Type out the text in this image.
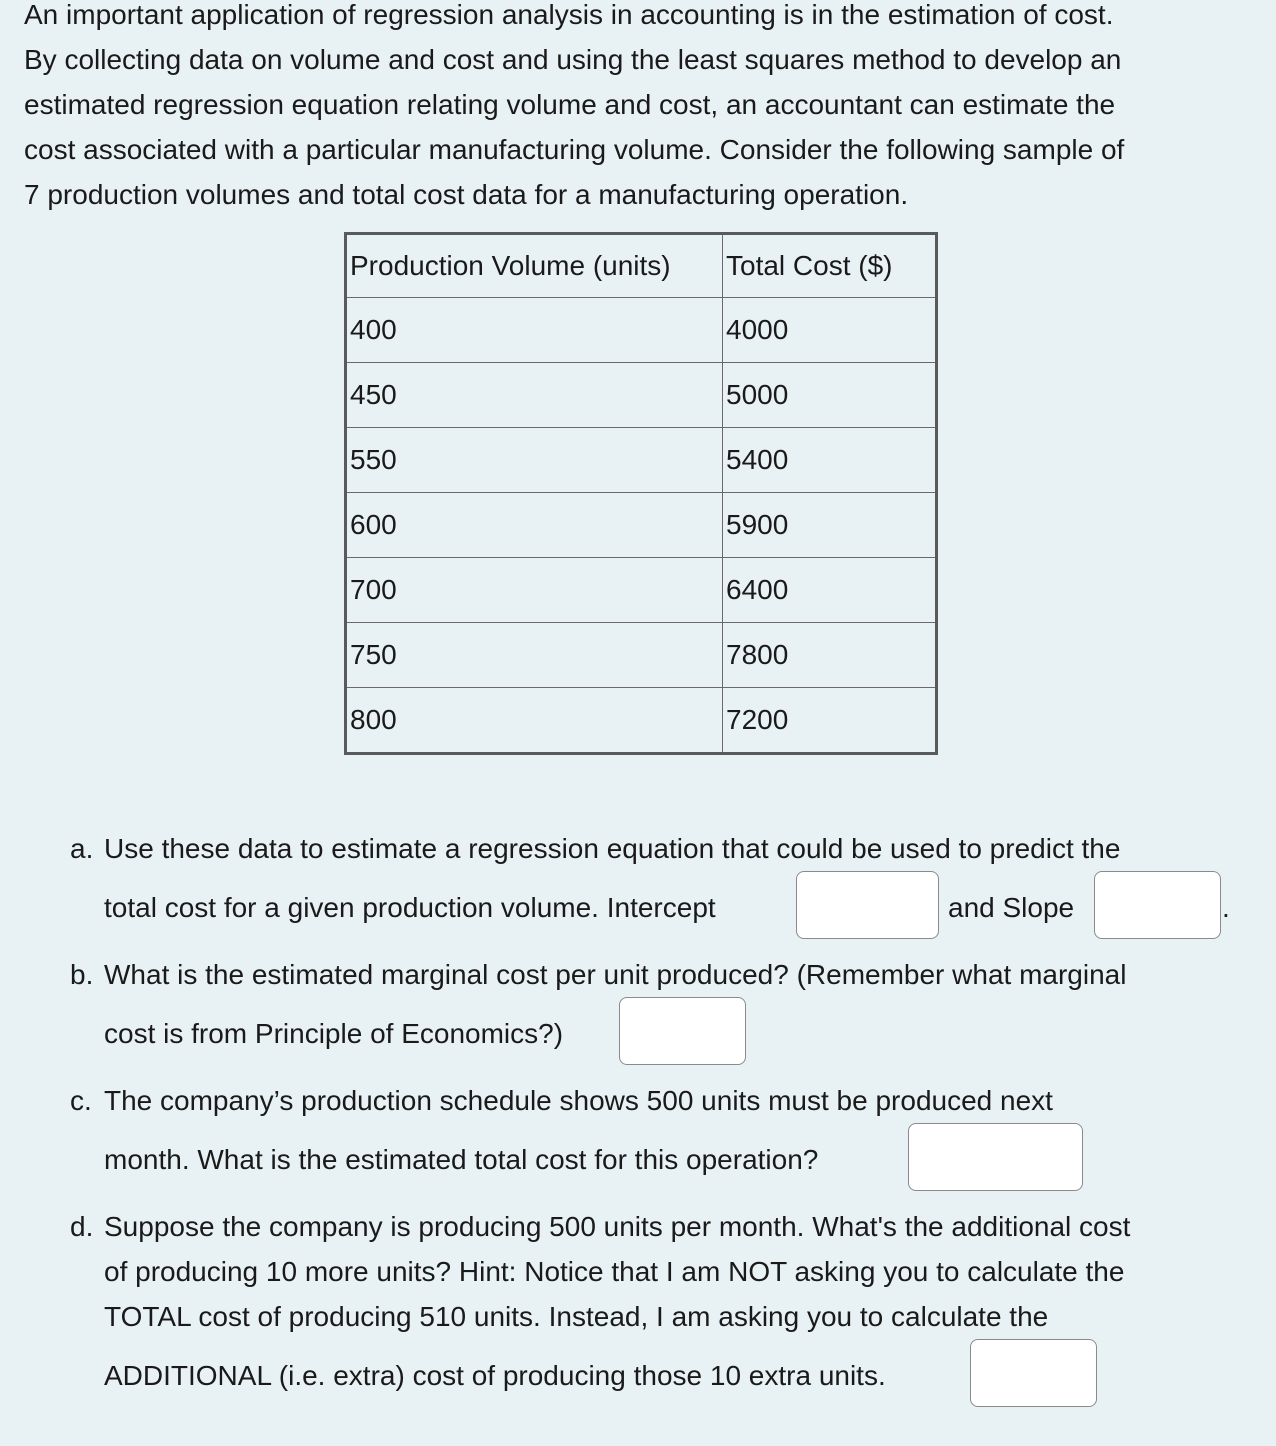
An important application of regression analysis in accounting is in the estimation of cost.
By collecting data on volume and cost and using the least squares method to develop an
estimated regression equation relating volume and cost, an accountant can estimate the
cost associated with a particular manufacturing volume. Consider the following sample of
7 production volumes and total cost data for a manufacturing operation.
Production Volume (units)	Total Cost ($)
400	4000
450	5000
550	5400
600	5900
700	6400
750	7800
800	7200
a. Use these data to estimate a regression equation that could be used to predict the
total cost for a given production volume. Intercept	and Slope	.
b. What is the estimated marginal cost per unit produced? (Remember what marginal
cost is from Principle of Economics?)
c. The company’s production schedule shows 500 units must be produced next
month. What is the estimated total cost for this operation?
d. Suppose the company is producing 500 units per month. What's the additional cost
of producing 10 more units? Hint: Notice that I am NOT asking you to calculate the
TOTAL cost of producing 510 units. Instead, I am asking you to calculate the
ADDITIONAL (i.e. extra) cost of producing those 10 extra units.
